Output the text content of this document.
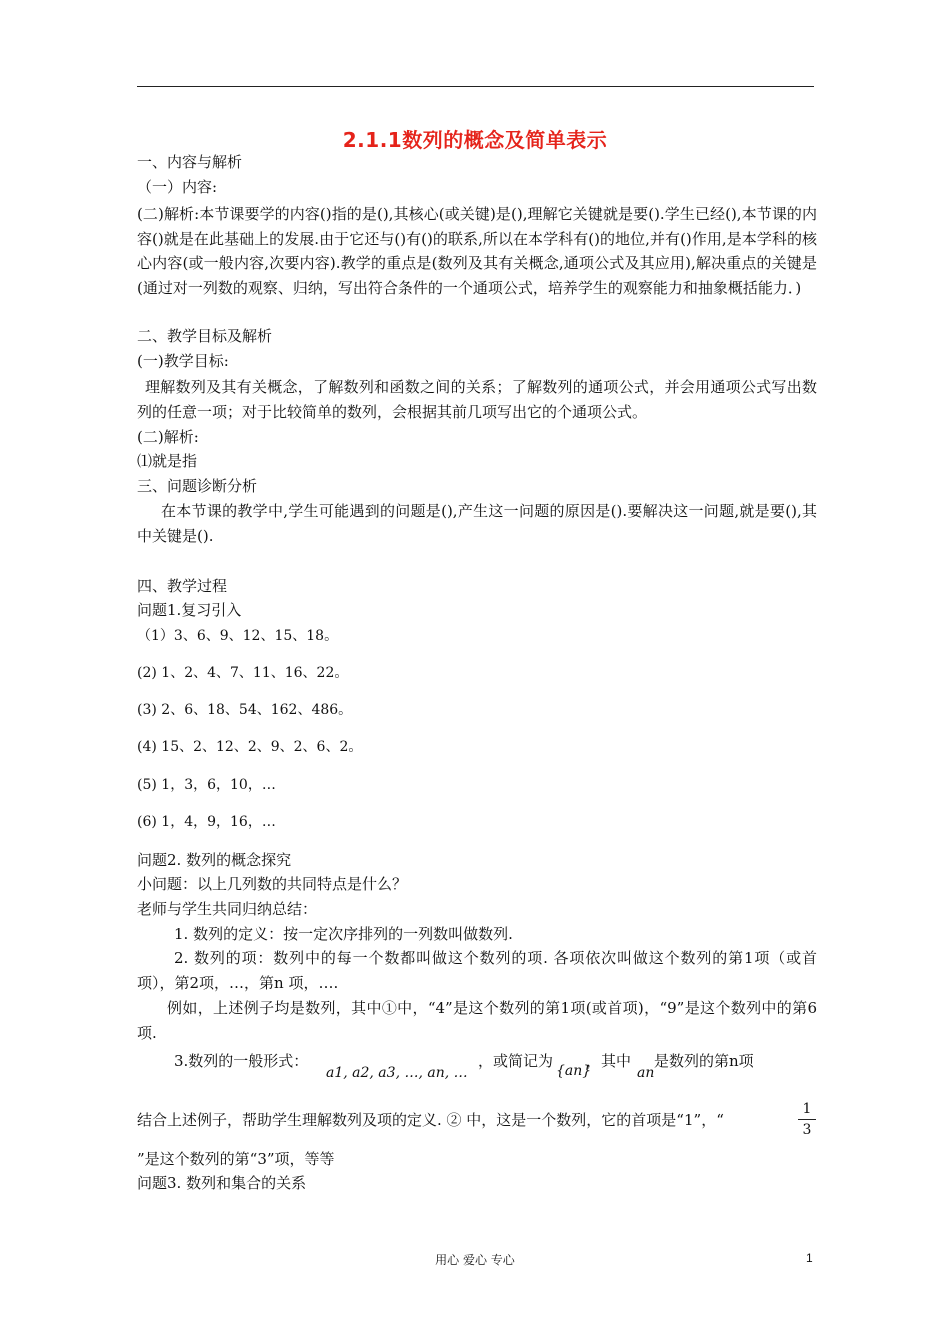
2.1.1数列的概念及简单表示
一、内容与解析
（一）内容:
(二)解析:本节课要学的内容()指的是(),其核心(或关键)是(),理解它关键就是要().学生已经(),本节课的内容()就是在此基础上的发展.由于它还与()有()的联系,所以在本学科有()的地位,并有()作用,是本学科的核心内容(或一般内容,次要内容).教学的重点是(数列及其有关概念,通项公式及其应用),解决重点的关键是(通过对一列数的观察、归纳，写出符合条件的一个通项公式，培养学生的观察能力和抽象概括能力．)
二、教学目标及解析
(一)教学目标:
理解数列及其有关概念，了解数列和函数之间的关系；了解数列的通项公式，并会用通项公式写出数列的任意一项；对于比较简单的数列，会根据其前几项写出它的个通项公式。
(二)解析:
⑴就是指
三、问题诊断分析
在本节课的教学中,学生可能遇到的问题是(),产生这一问题的原因是().要解决这一问题,就是要(),其中关键是().
四、教学过程
问题1.复习引入
（1）3、6、9、12、15、18。
(2) 1、2、4、7、11、16、22。
(3) 2、6、18、54、162、486。
(4) 15、2、12、2、9、2、6、2。
(5) 1，3，6，10，…
(6) 1，4，9，16，…
问题2. 数列的概念探究
小问题：以上几列数的共同特点是什么？
老师与学生共同归纳总结：
1. 数列的定义：按一定次序排列的一列数叫做数列.
2. 数列的项：数列中的每一个数都叫做这个数列的项. 各项依次叫做这个数列的第1项（或首项），第2项，…，第n 项，….
例如，上述例子均是数列，其中①中，“4”是这个数列的第1项(或首项)，“9”是这个数列中的第6项.
3.数列的一般形式：
a1, a2, a3, …, an, …
，或简记为
{an}
，其中
an
是数列的第n项
结合上述例子，帮助学生理解数列及项的定义. ② 中，这是一个数列，它的首项是“1”，“
1
3
”是这个数列的第“3”项，等等
问题3. 数列和集合的关系
用心 爱心 专心	1
